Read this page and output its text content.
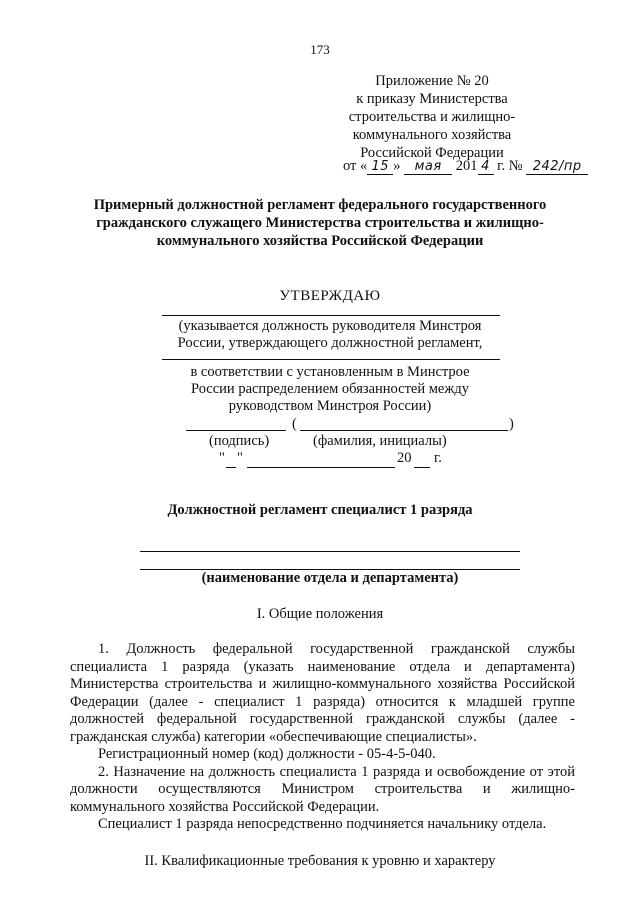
173
Приложение № 20
к приказу Министерства
строительства и жилищно-
коммунального хозяйства
Российской Федерации
от « 15 » мая 201 4 г. № 242/пр
Примерный должностной регламент федерального государственного
гражданского служащего Министерства строительства и жилищно-
коммунального хозяйства Российской Федерации
УТВЕРЖДАЮ
(указывается должность руководителя Минстроя
России, утверждающего должностной регламент,
в соответствии с установленным в Минстрое
России распределением обязанностей между
руководством Минстроя России)
(	)
(подпись)	(фамилия, инициалы)
" "	20 г.
Должностной регламент специалист 1 разряда
(наименование отдела и департамента)
I. Общие положения

1. Должность федеральной государственной гражданской службы специалиста 1 разряда (указать наименование отдела и департамента) Министерства строительства и жилищно-коммунального хозяйства Российской Федерации (далее - специалист 1 разряда) относится к младшей группе должностей федеральной государственной гражданской службы (далее - гражданская служба) категории «обеспечивающие специалисты».

Регистрационный номер (код) должности - 05-4-5-040.

2. Назначение на должность специалиста 1 разряда и освобождение от этой должности осуществляются Министром строительства и жилищно-коммунального хозяйства Российской Федерации.

Специалист 1 разряда непосредственно подчиняется начальнику отдела.

II. Квалификационные требования к уровню и характеру
